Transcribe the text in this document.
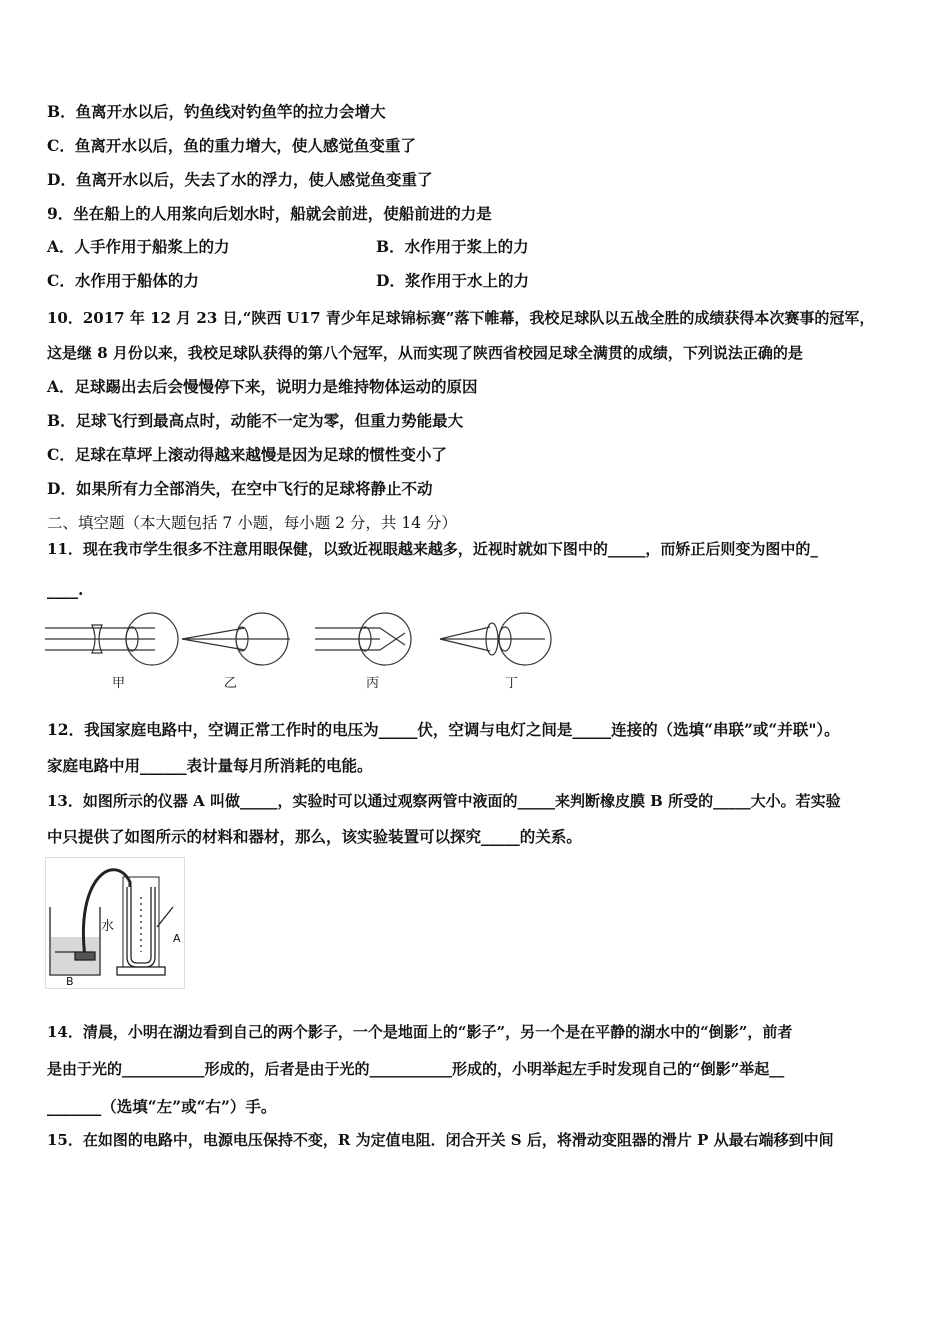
B．鱼离开水以后，钓鱼线对钓鱼竿的拉力会增大
C．鱼离开水以后，鱼的重力增大，使人感觉鱼变重了
D．鱼离开水以后，失去了水的浮力，使人感觉鱼变重了
9．坐在船上的人用浆向后划水时，船就会前进，使船前进的力是
A．人手作用于船浆上的力	B．水作用于浆上的力
C．水作用于船体的力	D．浆作用于水上的力
10．2017 年 12 月 23 日,“陕西 U17 青少年足球锦标赛”落下帷幕，我校足球队以五战全胜的成绩获得本次赛事的冠军，
这是继 8 月份以来，我校足球队获得的第八个冠军，从而实现了陕西省校园足球全满贯的成绩，下列说法正确的是
A．足球踢出去后会慢慢停下来，说明力是维持物体运动的原因
B．足球飞行到最高点时，动能不一定为零，但重力势能最大
C．足球在草坪上滚动得越来越慢是因为足球的惯性变小了
D．如果所有力全部消失，在空中飞行的足球将静止不动
二、填空题（本大题包括 7 小题，每小题 2 分，共 14 分）
11．现在我市学生很多不注意用眼保健，以致近视眼越来越多，近视时就如下图中的_____，而矫正后则变为图中的_
____.
甲	乙	丙	丁
12．我国家庭电路中，空调正常工作时的电压为_____伏，空调与电灯之间是_____连接的（选填“串联”或“并联"）。
家庭电路中用______表计量每月所消耗的电能。
13．如图所示的仪器 A 叫做_____，实验时可以通过观察两管中液面的_____来判断橡皮膜 B 所受的_____大小。若实验
中只提供了如图所示的材料和器材，那么，该实验装置可以探究_____的关系。
水
A
B
14．清晨，小明在湖边看到自己的两个影子，一个是地面上的“影子”，另一个是在平静的湖水中的“倒影”，前者
是由于光的___________形成的，后者是由于光的___________形成的，小明举起左手时发现自己的“倒影”举起__
_______（选填“左”或“右”）手。
15．在如图的电路中，电源电压保持不变，R 为定值电阻．闭合开关 S 后，将滑动变阻器的滑片 P 从最右端移到中间
